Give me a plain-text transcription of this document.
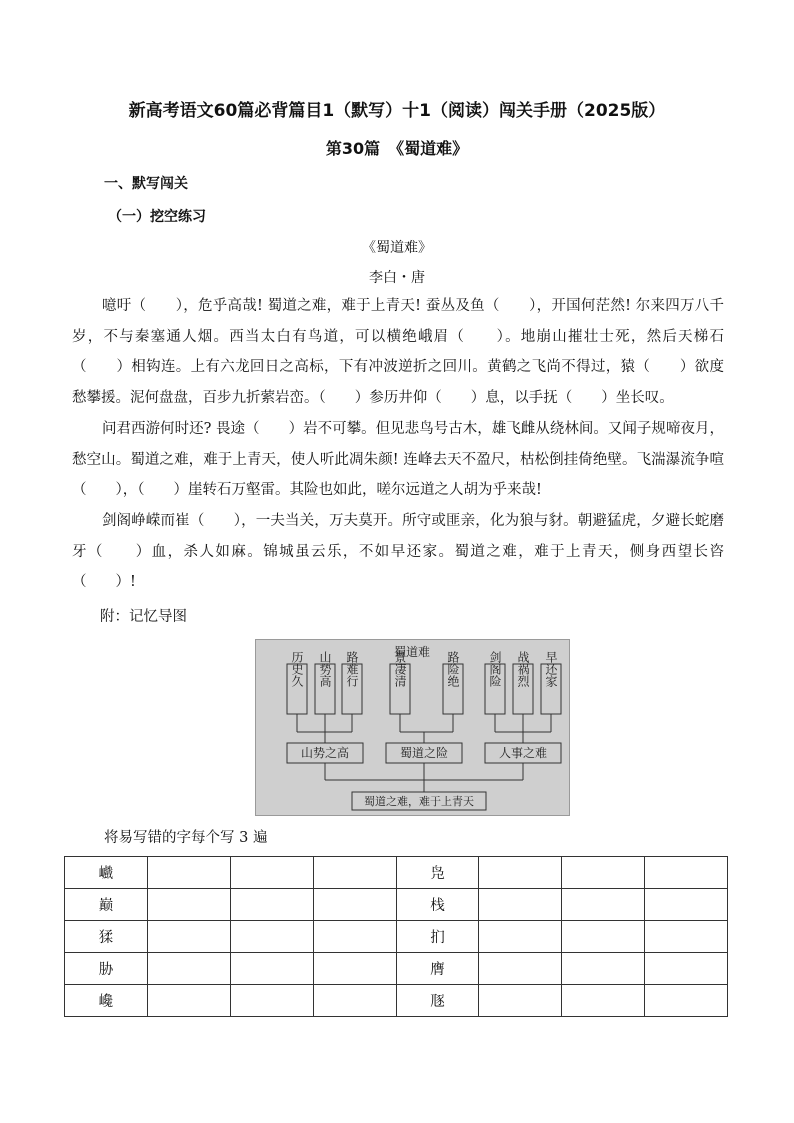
新高考语文60篇必背篇目1（默写）十1（阅读）闯关手册（2025版）
第30篇　《蜀道难》
一、默写闯关
（一）挖空练习
《蜀道难》
李白・唐
噫吁（　　），危乎高哉! 蜀道之难，难于上青天! 蚕丛及鱼（　　），开国何茫然! 尔来四万八千岁，不与秦塞通人烟。西当太白有鸟道，可以横绝峨眉（　　）。地崩山摧壮士死，然后天梯石（　　）相钩连。上有六龙回日之高标，下有冲波逆折之回川。黄鹤之飞尚不得过，猿（　　）欲度愁攀援。泥何盘盘，百步九折萦岩峦。（　　）参历井仰（　　）息，以手抚（　　）坐长叹。
问君西游何时还? 畏途（　　）岩不可攀。但见悲鸟号古木，雄飞雌从绕林间。又闻子规啼夜月，愁空山。蜀道之难，难于上青天，使人听此凋朱颜! 连峰去天不盈尺，枯松倒挂倚绝壁。飞湍瀑流争喧（　　），（　　）崖转石万壑雷。其险也如此，嗟尔远道之人胡为乎来哉!
剑阁峥嵘而崔（　　），一夫当关，万夫莫开。所守或匪亲，化为狼与豺。朝避猛虎，夕避长蛇磨牙（　　）血，杀人如麻。锦城虽云乐，不如早还家。蜀道之难，难于上青天，侧身西望长咨（　　）!
附：记忆导图
蜀道难
历史久 山势高 路难行	景凄清	路险绝 剑阁险 战祸烈 早还家
山势之高	蜀道之险	人事之难
蜀道之难，难于上青天
将易写错的字每个写 3 遍
巇				凫			
巅				栈			
猱				扪			
胁				膺			
巉				豗			
